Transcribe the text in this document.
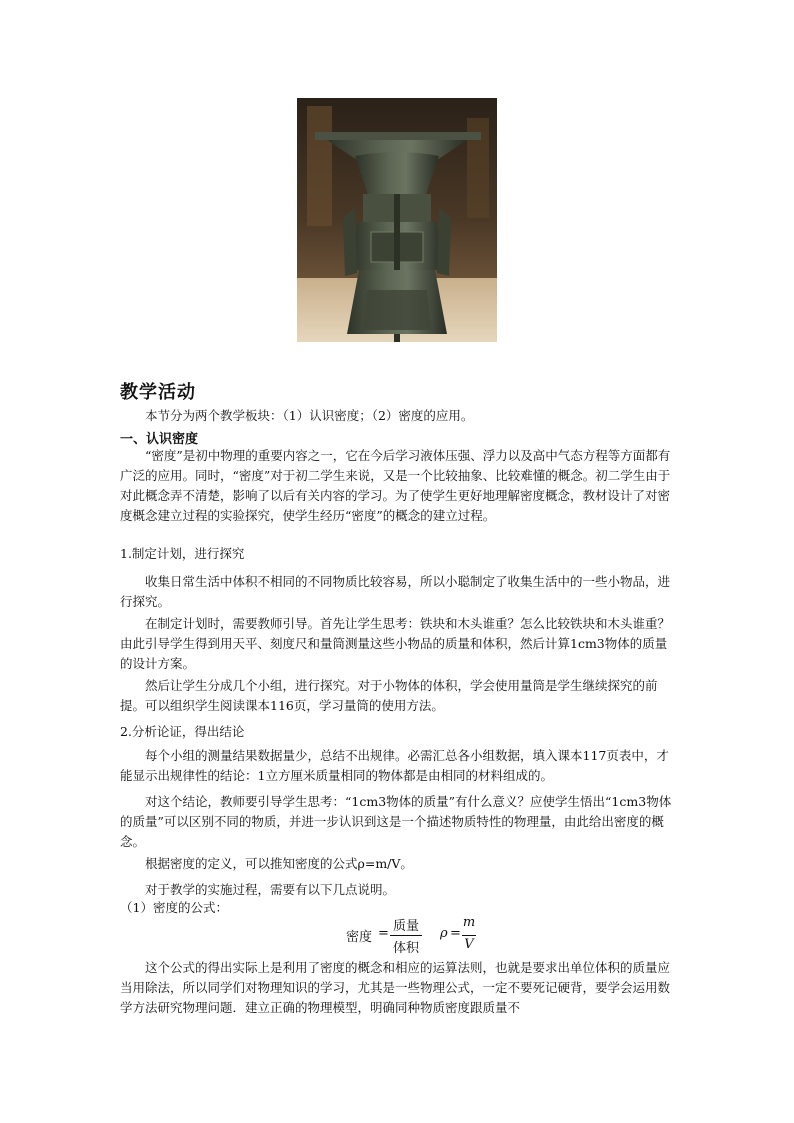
教学活动
本节分为两个教学板块：（1）认识密度；（2）密度的应用。
一、认识密度
“密度”是初中物理的重要内容之一，它在今后学习液体压强、浮力以及高中气态方程等方面都有广泛的应用。同时，“密度”对于初二学生来说，又是一个比较抽象、比较难懂的概念。初二学生由于对此概念弄不清楚，影响了以后有关内容的学习。为了使学生更好地理解密度概念，教材设计了对密度概念建立过程的实验探究，使学生经历“密度”的概念的建立过程。
1.制定计划，进行探究
收集日常生活中体积不相同的不同物质比较容易，所以小聪制定了收集生活中的一些小物品，进行探究。
在制定计划时，需要教师引导。首先让学生思考：铁块和木头谁重？怎么比较铁块和木头谁重？由此引导学生得到用天平、刻度尺和量筒测量这些小物品的质量和体积，然后计算1cm3物体的质量的设计方案。
然后让学生分成几个小组，进行探究。对于小物体的体积，学会使用量筒是学生继续探究的前提。可以组织学生阅读课本116页，学习量筒的使用方法。
2.分析论证，得出结论
每个小组的测量结果数据量少，总结不出规律。必需汇总各小组数据，填入课本117页表中，才能显示出规律性的结论：1立方厘米质量相同的物体都是由相同的材料组成的。
对这个结论，教师要引导学生思考：“1cm3物体的质量”有什么意义？应使学生悟出“1cm3物体的质量”可以区别不同的物质，并进一步认识到这是一个描述物质特性的物理量，由此给出密度的概念。
根据密度的定义，可以推知密度的公式ρ=m/V。
对于教学的实施过程，需要有以下几点说明。
（1）密度的公式：
密度 = 质量
体积
ρ =
m
V
这个公式的得出实际上是利用了密度的概念和相应的运算法则，也就是要求出单位体积的质量应当用除法，所以同学们对物理知识的学习，尤其是一些物理公式，一定不要死记硬背，要学会运用数学方法研究物理问题．建立正确的物理模型，明确同种物质密度跟质量不
